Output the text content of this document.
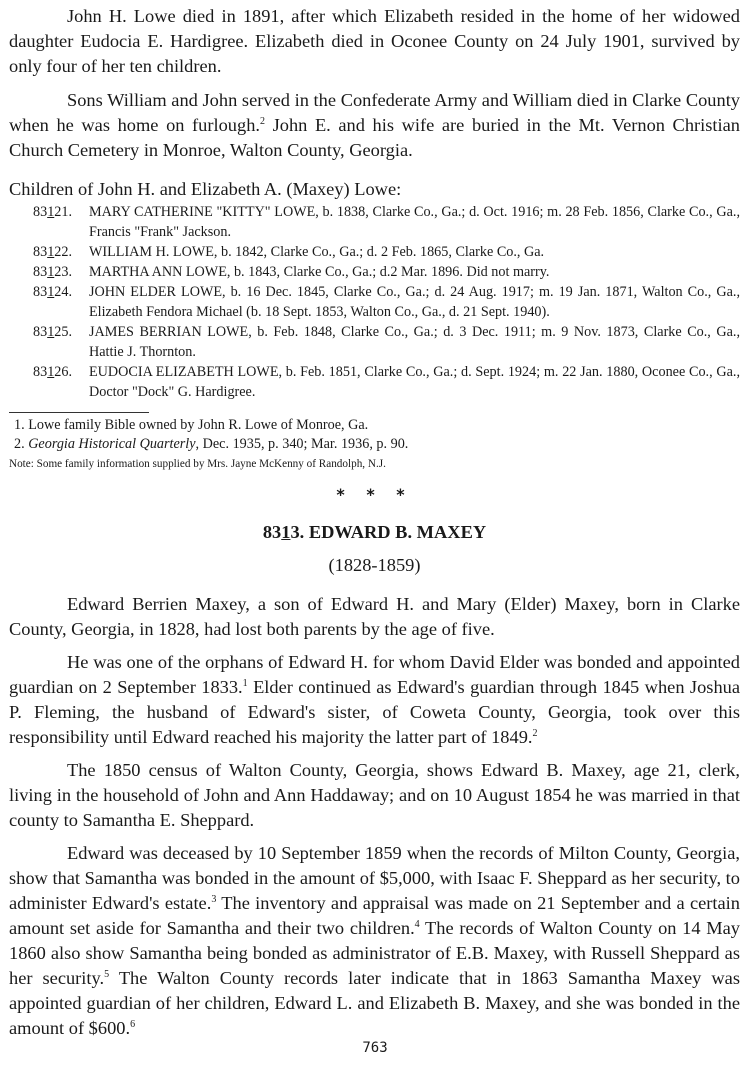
John H. Lowe died in 1891, after which Elizabeth resided in the home of her widowed daughter Eudocia E. Hardigree. Elizabeth died in Oconee County on 24 July 1901, survived by only four of her ten children.

Sons William and John served in the Confederate Army and William died in Clarke County when he was home on furlough.$^2$ John E. and his wife are buried in the Mt. Vernon Christian Church Cemetery in Monroe, Walton County, Georgia.

Children of John H. and Elizabeth A. (Maxey) Lowe:

83121. MARY CATHERINE "KITTY" LOWE, b. 1838, Clarke Co., Ga.; d. Oct. 1916; m. 28 Feb. 1856, Clarke Co., Ga., Francis "Frank" Jackson.
83122. WILLIAM H. LOWE, b. 1842, Clarke Co., Ga.; d. 2 Feb. 1865, Clarke Co., Ga.
83123. MARTHA ANN LOWE, b. 1843, Clarke Co., Ga.; d.2 Mar. 1896. Did not marry.
83124. JOHN ELDER LOWE, b. 16 Dec. 1845, Clarke Co., Ga.; d. 24 Aug. 1917; m. 19 Jan. 1871, Walton Co., Ga., Elizabeth Fendora Michael (b. 18 Sept. 1853, Walton Co., Ga., d. 21 Sept. 1940).
83125. JAMES BERRIAN LOWE, b. Feb. 1848, Clarke Co., Ga.; d. 3 Dec. 1911; m. 9 Nov. 1873, Clarke Co., Ga., Hattie J. Thornton.
83126. EUDOCIA ELIZABETH LOWE, b. Feb. 1851, Clarke Co., Ga.; d. Sept. 1924; m. 22 Jan. 1880, Oconee Co., Ga., Doctor "Dock" G. Hardigree.
1. Lowe family Bible owned by John R. Lowe of Monroe, Ga.
2. Georgia Historical Quarterly, Dec. 1935, p. 340; Mar. 1936, p. 90.

Note: Some family information supplied by Mrs. Jayne McKenny of Randolph, N.J.

* * *

8313. EDWARD B. MAXEY

(1828-1859)

Edward Berrien Maxey, a son of Edward H. and Mary (Elder) Maxey, born in Clarke County, Georgia, in 1828, had lost both parents by the age of five.

He was one of the orphans of Edward H. for whom David Elder was bonded and appointed guardian on 2 September 1833.$^1$ Elder continued as Edward's guardian through 1845 when Joshua P. Fleming, the husband of Edward's sister, of Coweta County, Georgia, took over this responsibility until Edward reached his majority the latter part of 1849.$^2$

The 1850 census of Walton County, Georgia, shows Edward B. Maxey, age 21, clerk, living in the household of John and Ann Haddaway; and on 10 August 1854 he was married in that county to Samantha E. Sheppard.

Edward was deceased by 10 September 1859 when the records of Milton County, Georgia, show that Samantha was bonded in the amount of $5,000, with Isaac F. Sheppard as her security, to administer Edward's estate.$^3$ The inventory and appraisal was made on 21 September and a certain amount set aside for Samantha and their two children.$^4$ The records of Walton County on 14 May 1860 also show Samantha being bonded as administrator of E.B. Maxey, with Russell Sheppard as her security.$^5$ The Walton County records later indicate that in 1863 Samantha Maxey was appointed guardian of her children, Edward L. and Elizabeth B. Maxey, and she was bonded in the amount of $600.$^6$

763
